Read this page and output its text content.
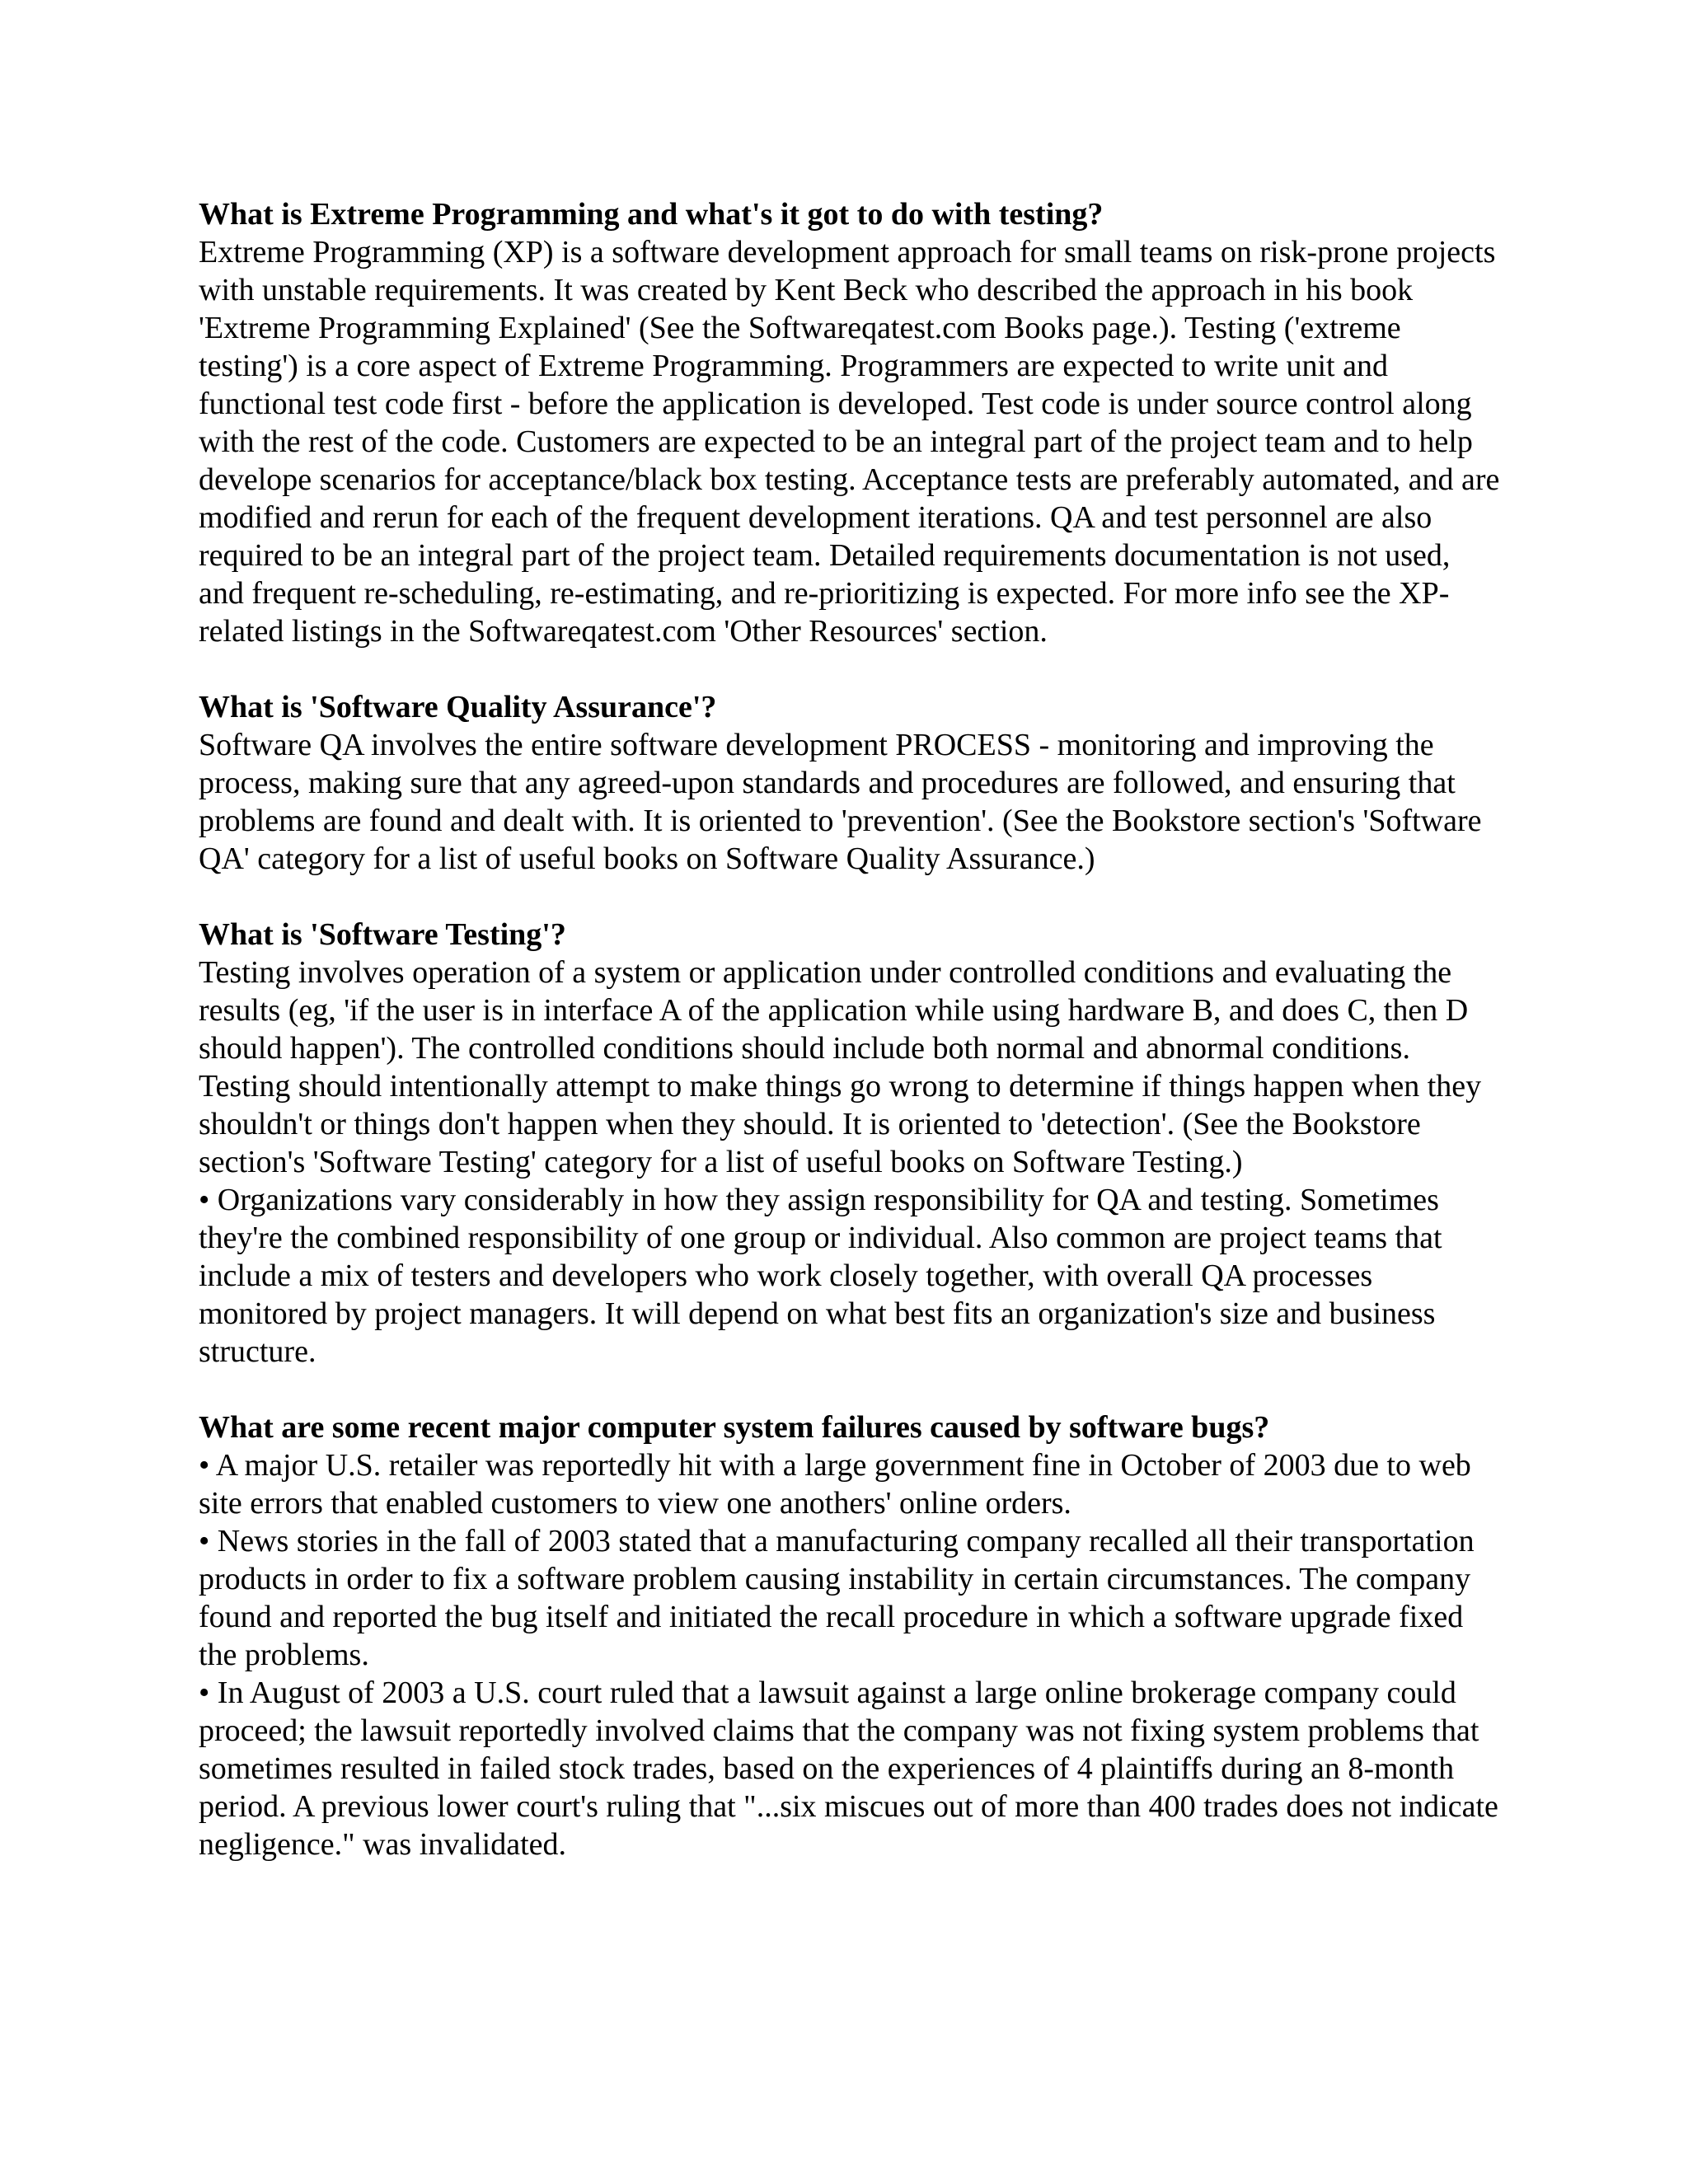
What is Extreme Programming and what's it got to do with testing?
Extreme Programming (XP) is a software development approach for small teams on risk-prone projects with unstable requirements. It was created by Kent Beck who described the approach in his book 'Extreme Programming Explained' (See the Softwareqatest.com Books page.). Testing ('extreme testing') is a core aspect of Extreme Programming. Programmers are expected to write unit and functional test code first - before the application is developed. Test code is under source control along with the rest of the code. Customers are expected to be an integral part of the project team and to help develope scenarios for acceptance/black box testing. Acceptance tests are preferably automated, and are modified and rerun for each of the frequent development iterations. QA and test personnel are also required to be an integral part of the project team. Detailed requirements documentation is not used, and frequent re-scheduling, re-estimating, and re-prioritizing is expected. For more info see the XP-related listings in the Softwareqatest.com 'Other Resources' section.
What is 'Software Quality Assurance'?
Software QA involves the entire software development PROCESS - monitoring and improving the process, making sure that any agreed-upon standards and procedures are followed, and ensuring that problems are found and dealt with. It is oriented to 'prevention'. (See the Bookstore section's 'Software QA' category for a list of useful books on Software Quality Assurance.)
What is 'Software Testing'?
Testing involves operation of a system or application under controlled conditions and evaluating the results (eg, 'if the user is in interface A of the application while using hardware B, and does C, then D should happen'). The controlled conditions should include both normal and abnormal conditions. Testing should intentionally attempt to make things go wrong to determine if things happen when they shouldn't or things don't happen when they should. It is oriented to 'detection'. (See the Bookstore section's 'Software Testing' category for a list of useful books on Software Testing.)
• Organizations vary considerably in how they assign responsibility for QA and testing. Sometimes they're the combined responsibility of one group or individual. Also common are project teams that include a mix of testers and developers who work closely together, with overall QA processes monitored by project managers. It will depend on what best fits an organization's size and business structure.
What are some recent major computer system failures caused by software bugs?
• A major U.S. retailer was reportedly hit with a large government fine in October of 2003 due to web site errors that enabled customers to view one anothers' online orders.
• News stories in the fall of 2003 stated that a manufacturing company recalled all their transportation products in order to fix a software problem causing instability in certain circumstances. The company found and reported the bug itself and initiated the recall procedure in which a software upgrade fixed the problems.
• In August of 2003 a U.S. court ruled that a lawsuit against a large online brokerage company could proceed; the lawsuit reportedly involved claims that the company was not fixing system problems that sometimes resulted in failed stock trades, based on the experiences of 4 plaintiffs during an 8-month period. A previous lower court's ruling that "...six miscues out of more than 400 trades does not indicate negligence." was invalidated.
